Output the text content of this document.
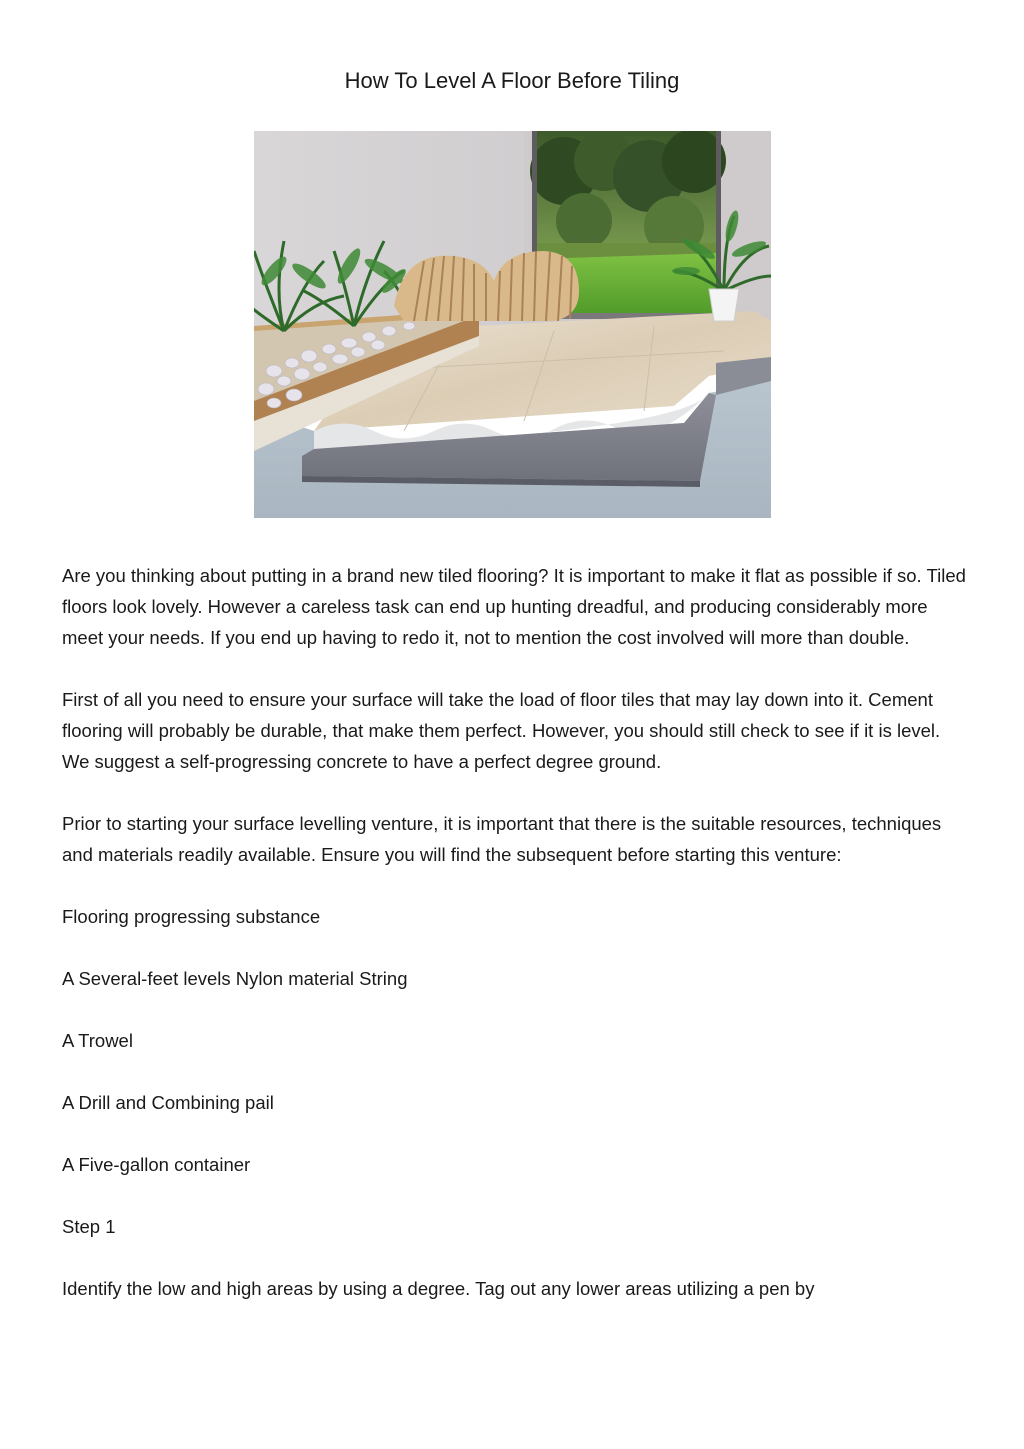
How To Level A Floor Before Tiling

Are you thinking about putting in a brand new tiled flooring? It is important to make it flat as possible if so. Tiled floors look lovely. However a careless task can end up hunting dreadful, and producing considerably more meet your needs. If you end up having to redo it, not to mention the cost involved will more than double.

First of all you need to ensure your surface will take the load of floor tiles that may lay down into it. Cement flooring will probably be durable, that make them perfect. However, you should still check to see if it is level. We suggest a self-progressing concrete to have a perfect degree ground.

Prior to starting your surface levelling venture, it is important that there is the suitable resources, techniques and materials readily available. Ensure you will find the subsequent before starting this venture:

Flooring progressing substance

A Several-feet levels Nylon material String

A Trowel

A Drill and Combining pail

A Five-gallon container

Step 1

Identify the low and high areas by using a degree. Tag out any lower areas utilizing a pen by
